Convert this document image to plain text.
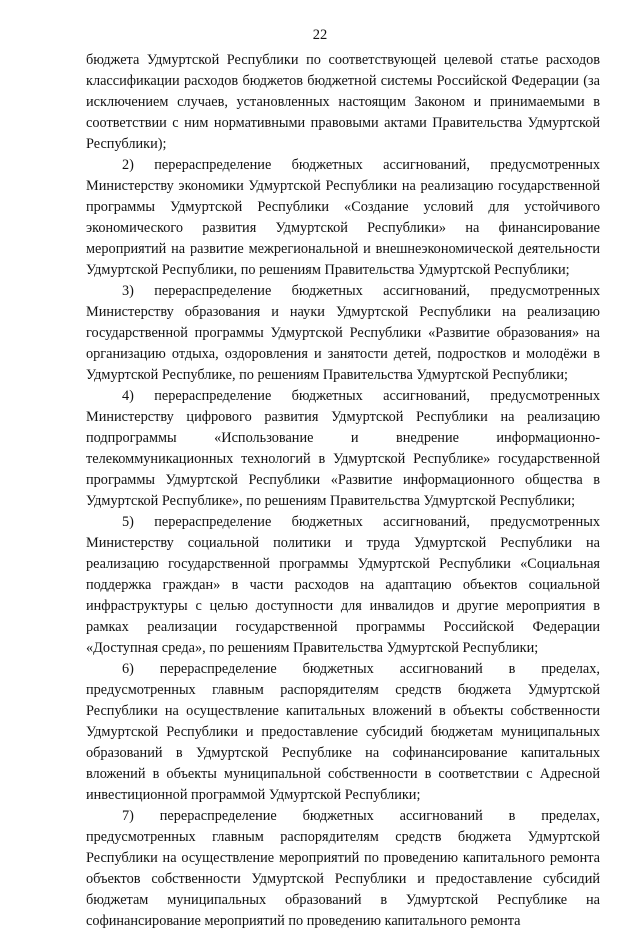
22

бюджета Удмуртской Республики по соответствующей целевой статье расходов классификации расходов бюджетов бюджетной системы Российской Федерации (за исключением случаев, установленных настоящим Законом и принимаемыми в соответствии с ним нормативными правовыми актами Правительства Удмуртской Республики);

2) перераспределение бюджетных ассигнований, предусмотренных Министерству экономики Удмуртской Республики на реализацию государственной программы Удмуртской Республики «Создание условий для устойчивого экономического развития Удмуртской Республики» на финансирование мероприятий на развитие межрегиональной и внешнеэкономической деятельности Удмуртской Республики, по решениям Правительства Удмуртской Республики;

3) перераспределение бюджетных ассигнований, предусмотренных Министерству образования и науки Удмуртской Республики на реализацию государственной программы Удмуртской Республики «Развитие образования» на организацию отдыха, оздоровления и занятости детей, подростков и молодёжи в Удмуртской Республике, по решениям Правительства Удмуртской Республики;

4) перераспределение бюджетных ассигнований, предусмотренных Министерству цифрового развития Удмуртской Республики на реализацию подпрограммы «Использование и внедрение информационно-телекоммуникационных технологий в Удмуртской Республике» государственной программы Удмуртской Республики «Развитие информационного общества в Удмуртской Республике», по решениям Правительства Удмуртской Республики;

5) перераспределение бюджетных ассигнований, предусмотренных Министерству социальной политики и труда Удмуртской Республики на реализацию государственной программы Удмуртской Республики «Социальная поддержка граждан» в части расходов на адаптацию объектов социальной инфраструктуры с целью доступности для инвалидов и другие мероприятия в рамках реализации государственной программы Российской Федерации «Доступная среда», по решениям Правительства Удмуртской Республики;

6) перераспределение бюджетных ассигнований в пределах, предусмотренных главным распорядителям средств бюджета Удмуртской Республики на осуществление капитальных вложений в объекты собственности Удмуртской Республики и предоставление субсидий бюджетам муниципальных образований в Удмуртской Республике на софинансирование капитальных вложений в объекты муниципальной собственности в соответствии с Адресной инвестиционной программой Удмуртской Республики;

7) перераспределение бюджетных ассигнований в пределах, предусмотренных главным распорядителям средств бюджета Удмуртской Республики на осуществление мероприятий по проведению капитального ремонта объектов собственности Удмуртской Республики и предоставление субсидий бюджетам муниципальных образований в Удмуртской Республике на софинансирование мероприятий по проведению капитального ремонта
